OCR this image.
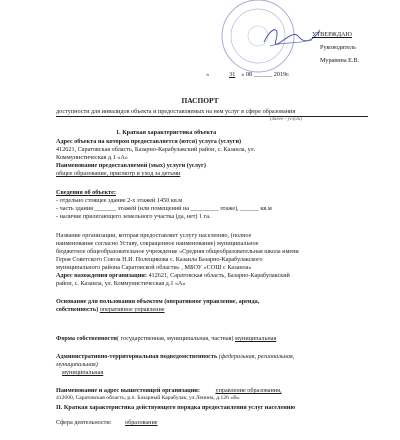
УТВЕРЖДАЮ
Руководитель
Муравина Е.В.
«	31 » 08 ______ 2019г.
ПАСПОРТ
доступности для инвалидов объекта и предоставляемых на нем услуг в сфере образования
(далее – услуги)
1. Краткая характеристика объекта
Адрес объекта на котором предоставляется (ются) услуга (услуги)
412621, Саратовская область, Базарно-Карабулакский район, с. Казанла, ул.
Коммунистическая д.1 «А»
Наименование предоставляемой (мых) услуги (услуг)
общее образование, присмотр и уход за детьми
Сведения об объекте:
- отдельно стоящее здание 2-х этажей 1450 кв.м
- часть здания _______ этажей (или помещений на _________ этаже), ______ кв.м
- наличие прилегающего земельного участка (да, нет) 1 га.
Название организации, которая предоставляет услугу населению, (полное
наименование согласно Уставу, сокращенное наименование) муниципальное
бюджетное общеобразовательное учреждение «Средняя общеобразовательная школа имени
Героя Советского Союза Н.И. Полещикова с. Казанла Базарно-Карабулакского
муниципального района Саратовской области» , МБОУ «СОШ с Казанла»
Адрес нахождения организации: 412621, Саратовская область, Базарно-Карабулакский
район, с. Казанла, ул. Коммунистическая д.1 «А»
Основание для пользования объектом (оперативное управление, аренда,
собственность) оперативное управление
Форма собственности( государственная, муниципальная, частная) муниципальная
Административно-территориальная подведомственность (федеральная, региональная,
муниципальная)
муниципальная
Наименование и адрес вышестоящей организации:	управление образования,
412600, Саратовская область, р.п. Базарный Карабулак, ул.Ленина, д.126 «В»
II. Краткая характеристика действующего порядка предоставления услуг населению
Сфера деятельности: образование
